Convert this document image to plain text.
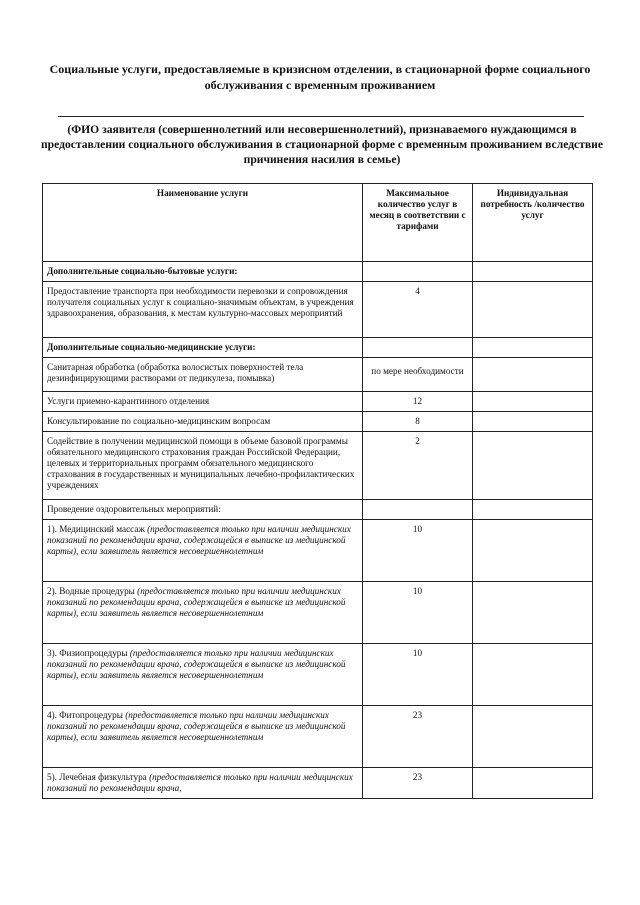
Социальные услуги, предоставляемые в кризисном отделении, в стационарной форме социального обслуживания с временным проживанием
(ФИО заявителя (совершеннолетний или несовершеннолетний), признаваемого нуждающимся в предоставлении социального обслуживания в стационарной форме с временным проживанием вследствие причинения насилия в семье)
Наименование услуги	Максимальное количество услуг в месяц в соответствии с тарифами	Индивидуальная потребность /количество услуг
Дополнительные социально-бытовые услуги:		
Предоставление транспорта при необходимости перевозки и сопровождения получателя социальных услуг к социально-значимым объектам, в учреждения здравоохранения, образования, к местам культурно-массовых мероприятий	4	
Дополнительные социально-медицинские услуги:		
Санитарная обработка (обработка волосистых поверхностей тела дезинфицирующими растворами от педикулеза, помывка)	по мере необходимости	
Услуги приемно-карантинного отделения	12	
Консультирование по социально-медицинским вопросам	8	
Содействие в получении медицинской помощи в объеме базовой программы обязательного медицинского страхования граждан Российской Федерации, целевых и территориальных программ обязательного медицинского страхования в государственных и муниципальных лечебно-профилактических учреждениях	2	
Проведение оздоровительных мероприятий:		
1). Медицинский массаж (предоставляется только при наличии медицинских показаний по рекомендации врача, содержащейся в выписке из медицинской карты), если заявитель является несовершеннолетним	10	
2). Водные процедуры (предоставляется только при наличии медицинских показаний по рекомендации врача, содержащейся в выписке из медицинской карты), если заявитель является несовершеннолетним	10	
3). Физиопроцедуры (предоставляется только при наличии медицинских показаний по рекомендации врача, содержащейся в выписке из медицинской карты), если заявитель является несовершеннолетним	10	
4). Фитопроцедуры (предоставляется только при наличии медицинских показаний по рекомендации врача, содержащейся в выписке из медицинской карты), если заявитель является несовершеннолетним	23	
5). Лечебная физкультура (предоставляется только при наличии медицинских показаний по рекомендации врача,	23	
